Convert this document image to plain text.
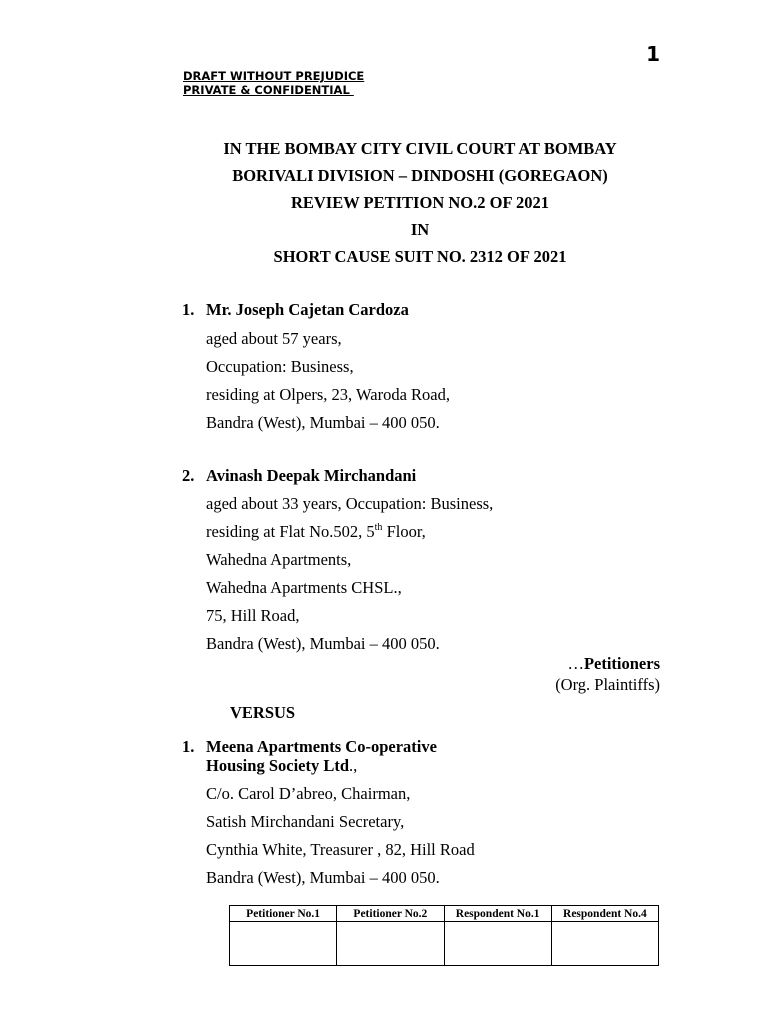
1
DRAFT WITHOUT PREJUDICE
PRIVATE & CONFIDENTIAL
IN THE BOMBAY CITY CIVIL COURT AT BOMBAY
BORIVALI DIVISION – DINDOSHI (GOREGAON)
REVIEW PETITION NO.2 OF 2021
IN
SHORT CAUSE SUIT NO. 2312 OF 2021
1. Mr. Joseph Cajetan Cardoza
aged about 57 years,
Occupation: Business,
residing at Olpers, 23, Waroda Road,
Bandra (West), Mumbai – 400 050.
2. Avinash Deepak Mirchandani
aged about 33 years, Occupation: Business,
residing at Flat No.502, 5th Floor,
Wahedna Apartments,
Wahedna Apartments CHSL.,
75, Hill Road,
Bandra (West), Mumbai – 400 050.
…Petitioners
(Org. Plaintiffs)
VERSUS
1. Meena Apartments Co-operative
Housing Society Ltd.,
C/o. Carol D’abreo, Chairman,
Satish Mirchandani Secretary,
Cynthia White, Treasurer , 82, Hill Road
Bandra (West), Mumbai – 400 050.
Petitioner No.1	Petitioner No.2	Respondent No.1	Respondent No.4
